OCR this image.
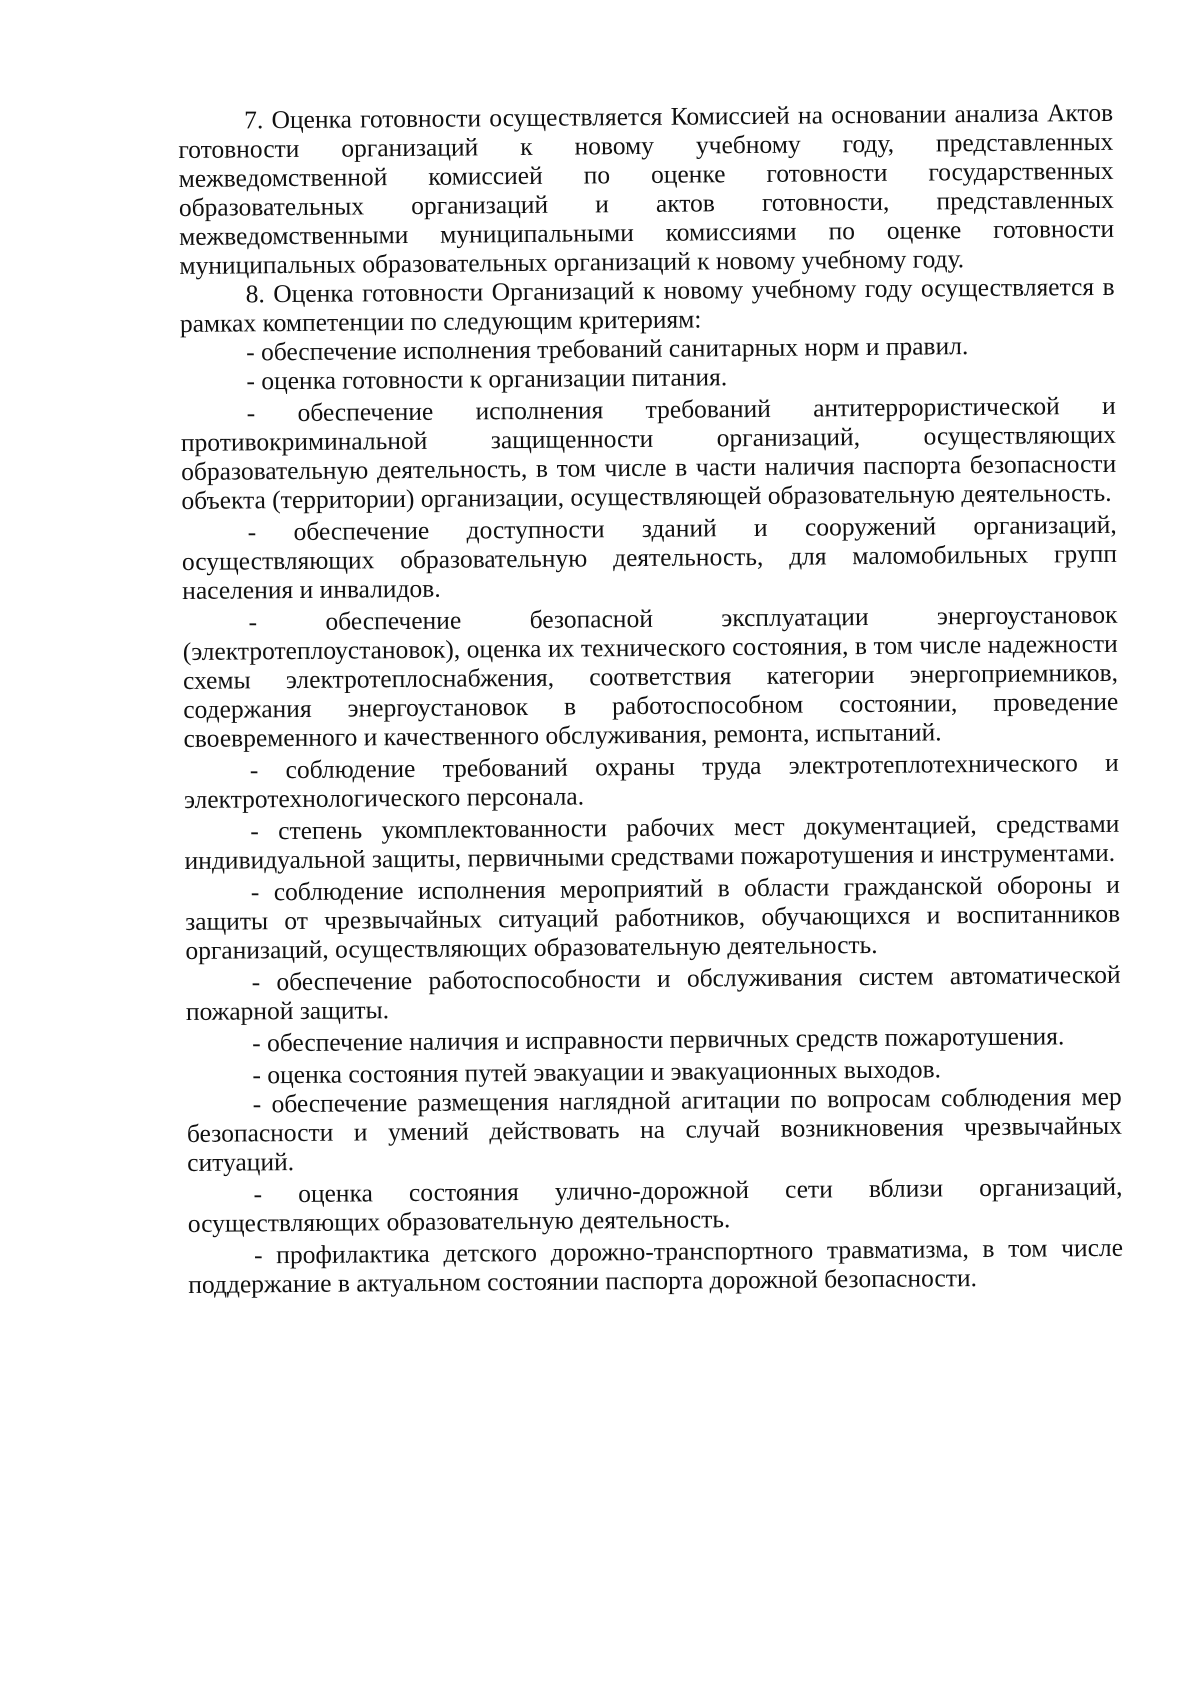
7. Оценка готовности осуществляется Комиссией на основании анализа Актов готовности организаций к новому учебному году, представленных межведомственной комиссией по оценке готовности государственных образовательных организаций и актов готовности, представленных межведомственными муниципальными комиссиями по оценке готовности муниципальных образовательных организаций к новому учебному году.

8. Оценка готовности Организаций к новому учебному году осуществляется в рамках компетенции по следующим критериям:

- обеспечение исполнения требований санитарных норм и правил.

- оценка готовности к организации питания.

- обеспечение исполнения требований антитеррористической и противокриминальной защищенности организаций, осуществляющих образовательную деятельность, в том числе в части наличия паспорта безопасности объекта (территории) организации, осуществляющей образовательную деятельность.

- обеспечение доступности зданий и сооружений организаций, осуществляющих образовательную деятельность, для маломобильных групп населения и инвалидов.

- обеспечение безопасной эксплуатации энергоустановок (электротеплоустановок), оценка их технического состояния, в том числе надежности схемы электротеплоснабжения, соответствия категории энергоприемников, содержания энергоустановок в работоспособном состоянии, проведение своевременного и качественного обслуживания, ремонта, испытаний.

- соблюдение требований охраны труда электротеплотехнического и электротехнологического персонала.

- степень укомплектованности рабочих мест документацией, средствами индивидуальной защиты, первичными средствами пожаротушения и инструментами.

- соблюдение исполнения мероприятий в области гражданской обороны и защиты от чрезвычайных ситуаций работников, обучающихся и воспитанников организаций, осуществляющих образовательную деятельность.

- обеспечение работоспособности и обслуживания систем автоматической пожарной защиты.

- обеспечение наличия и исправности первичных средств пожаротушения.

- оценка состояния путей эвакуации и эвакуационных выходов.

- обеспечение размещения наглядной агитации по вопросам соблюдения мер безопасности и умений действовать на случай возникновения чрезвычайных ситуаций.

- оценка состояния улично-дорожной сети вблизи организаций, осуществляющих образовательную деятельность.

- профилактика детского дорожно-транспортного травматизма, в том числе поддержание в актуальном состоянии паспорта дорожной безопасности.
